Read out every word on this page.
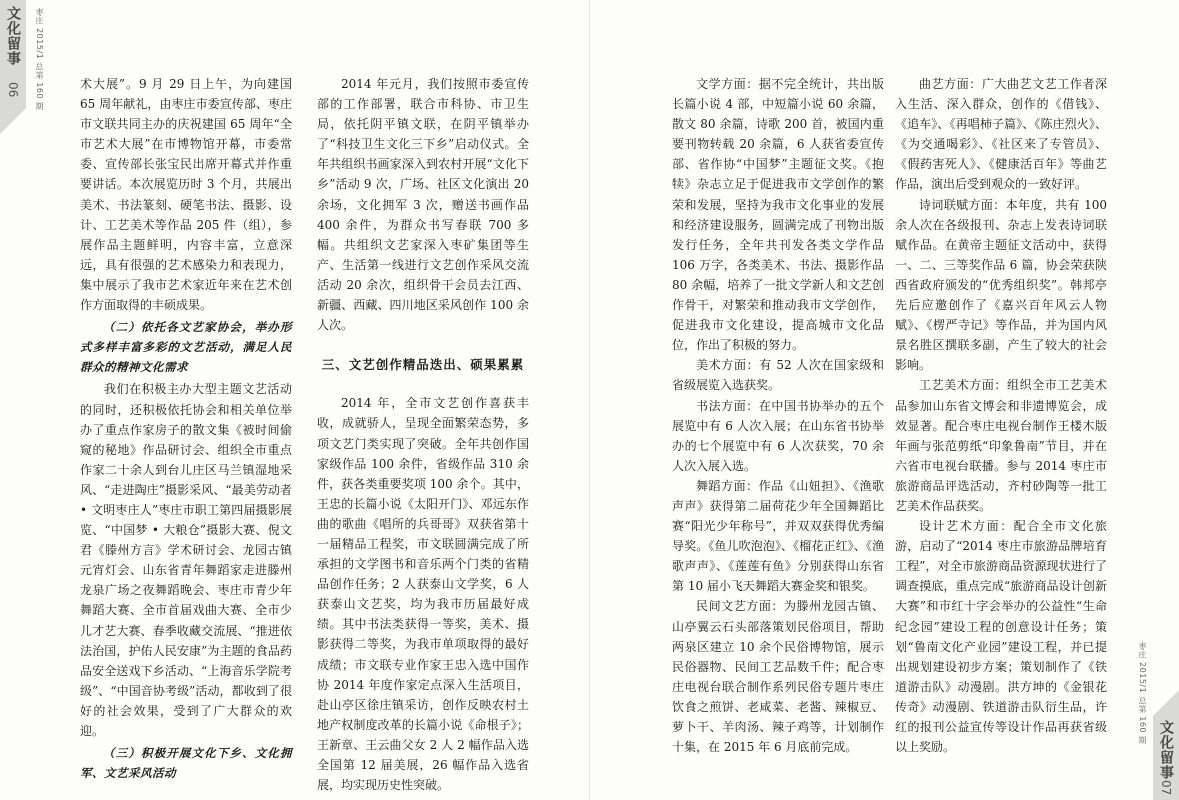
文化留事
06 枣庄 2015/1 总第 160 期
文化留事
07
枣庄 2015/1 总第 160 期

术大展”。9 月 29 日上午，为向建国 65 周年献礼，由枣庄市委宣传部、枣庄市文联共同主办的庆祝建国 65 周年“全市艺术大展”在市博物馆开幕，市委常委、宣传部长张宝民出席开幕式并作重要讲话。本次展览历时 3 个月，共展出美术、书法篆刻、硬笔书法、摄影、设计、工艺美术等作品 205 件（组），参展作品主题鲜明，内容丰富，立意深远，具有很强的艺术感染力和表现力，集中展示了我市艺术家近年来在艺术创作方面取得的丰硕成果。

（二）依托各文艺家协会，举办形式多样丰富多彩的文艺活动，满足人民群众的精神文化需求

我们在积极主办大型主题文艺活动的同时，还积极依托协会和相关单位举办了重点作家房子的散文集《被时间偷窥的秘地》作品研讨会、组织全市重点作家二十余人到台儿庄区马兰镇湿地采风、“走进陶庄”摄影采风、“最美劳动者 • 文明枣庄人”枣庄市职工第四届摄影展览、“中国梦 • 大粮仓”摄影大赛、倪文君《滕州方言》学术研讨会、龙园古镇元宵灯会、山东省青年舞蹈家走进滕州龙泉广场之夜舞蹈晚会、枣庄市青少年舞蹈大赛、全市首届戏曲大赛、全市少儿才艺大赛、春季收藏交流展、“推进依法治国，护佑人民安康”为主题的食品药品安全送戏下乡活动、“上海音乐学院考级”、“中国音协考级”活动，都收到了很好的社会效果，受到了广大群众的欢迎。

（三）积极开展文化下乡、文化拥军、文艺采风活动

2014 年元月，我们按照市委宣传部的工作部署，联合市科协、市卫生局，依托阴平镇文联，在阴平镇举办了“科技卫生文化三下乡”启动仪式。全年共组织书画家深入到农村开展“文化下乡”活动 9 次，广场、社区文化演出 20 余场，文化拥军 3 次，赠送书画作品 400 余件，为群众书写春联 700 多幅。共组织文艺家深入枣矿集团等生产、生活第一线进行文艺创作采风交流活动 20 余次，组织骨干会员去江西、新疆、西藏、四川地区采风创作 100 余人次。

三、文艺创作精品迭出、硕果累累

2014 年，全市文艺创作喜获丰收，成就骄人，呈现全面繁荣态势，多项文艺门类实现了突破。全年共创作国家级作品 100 余件，省级作品 310 余件，获各类重要奖项 100 余个。其中，王忠的长篇小说《太阳开门》、邓远东作曲的歌曲《唱所的兵哥哥》双获省第十一届精品工程奖，市文联圆满完成了所承担的文学图书和音乐两个门类的省精品创作任务；2 人获泰山文学奖，6 人获泰山文艺奖，均为我市历届最好成绩。其中书法类获得一等奖，美术、摄影获得二等奖，为我市单项取得的最好成绩；市文联专业作家王忠入选中国作协 2014 年度作家定点深入生活项目，赴山亭区徐庄镇采访，创作反映农村土地产权制度改革的长篇小说《命根子》；王新章、王云曲父女 2 人 2 幅作品入选全国第 12 届美展，26 幅作品入选省展，均实现历史性突破。

文学方面：据不完全统计，共出版长篇小说 4 部，中短篇小说 60 余篇，散文 80 余篇，诗歌 200 首，被国内重要刊物转载 20 余篇，6 人获省委宣传部、省作协“中国梦”主题征文奖。《抱犊》杂志立足于促进我市文学创作的繁荣和发展，坚持为我市文化事业的发展和经济建设服务，圆满完成了刊物出版发行任务，全年共刊发各类文学作品 106 万字，各类美术、书法、摄影作品 80 余幅，培养了一批文学新人和文艺创作骨干，对繁荣和推动我市文学创作，促进我市文化建设，提高城市文化品位，作出了积极的努力。

美术方面：有 52 人次在国家级和省级展览入选获奖。

书法方面：在中国书协举办的五个展览中有 6 人次入展；在山东省书协举办的七个展览中有 6 人次获奖，70 余人次入展入选。

舞蹈方面：作品《山妞担》、《渔歌声声》获得第二届荷花少年全国舞蹈比赛“阳光少年称号”，并双双获得优秀编导奖。《鱼儿吹泡泡》、《榴花正红》、《渔歌声声》、《莲莲有鱼》分别获得山东省第 10 届小飞天舞蹈大赛金奖和银奖。

民间文艺方面：为滕州龙园古镇、山亭翼云石头部落策划民俗项目，帮助两泉区建立 10 余个民俗博物馆，展示民俗器物、民间工艺品数千件；配合枣庄电视台联合制作系列民俗专题片枣庄饮食之煎饼、老咸菜、老酱、辣椒豆、萝卜干、羊肉汤、辣子鸡等，计划制作十集，在 2015 年 6 月底前完成。

曲艺方面：广大曲艺文艺工作者深入生活、深入群众，创作的《借钱》、《追车》、《再唱柿子篇》、《陈庄烈火》、《为交通喝彩》、《社区来了专管员》、《假药害死人》、《健康活百年》等曲艺作品，演出后受到观众的一致好评。

诗词联赋方面：本年度，共有 100 余人次在各级报刊、杂志上发表诗词联赋作品。在黄帝主题征文活动中，获得一、二、三等奖作品 6 篇，协会荣获陕西省政府颁发的“优秀组织奖”。韩邦亭先后应邀创作了《嘉兴百年风云人物赋》、《楞严寺记》等作品，并为国内风景名胜区撰联多副，产生了较大的社会影响。

工艺美术方面：组织全市工艺美术品参加山东省文博会和非遗博览会，成效显著。配合枣庄电视台制作王楼木版年画与张范剪纸“印象鲁南”节目，并在六省市电视台联播。参与 2014 枣庄市旅游商品评选活动，齐村砂陶等一批工艺美术作品获奖。

设计艺术方面：配合全市文化旅游，启动了“2014 枣庄市旅游品牌培育工程”，对全市旅游商品资源现状进行了调查摸底，重点完成“旅游商品设计创新大赛”和市红十字会举办的公益性“生命纪念园”建设工程的创意设计任务；策划“鲁南文化产业园”建设工程，并已提出规划建设初步方案；策划制作了《铁道游击队》动漫剧。洪方坤的《金银花传奇》动漫剧、铁道游击队衍生品，许红的报刊公益宣传等设计作品再获省级以上奖励。
